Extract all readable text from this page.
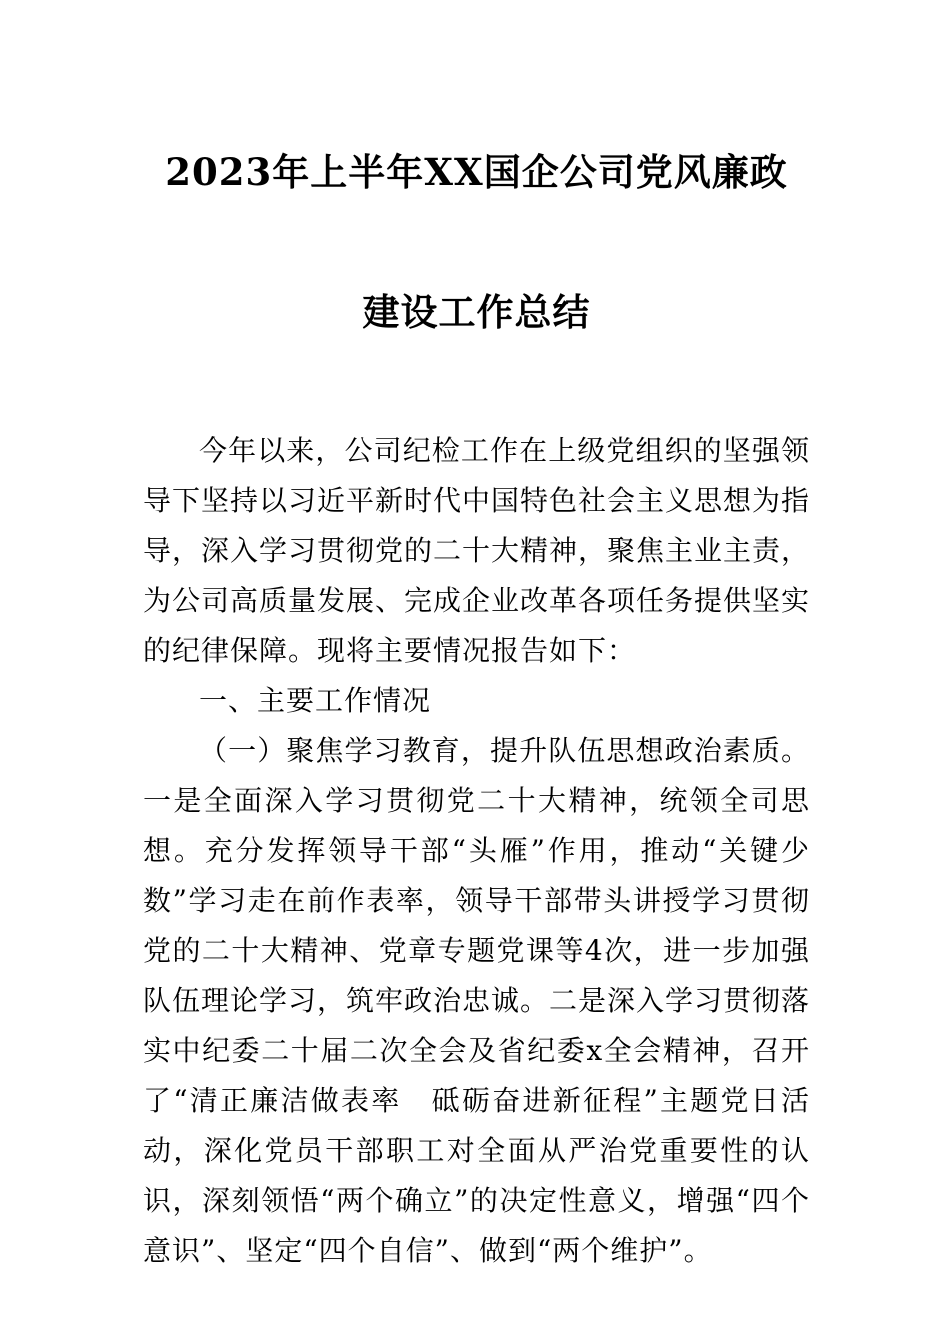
2023年上半年XX国企公司党风廉政
建设工作总结

今年以来，公司纪检工作在上级党组织的坚强领导下坚持以习近平新时代中国特色社会主义思想为指导，深入学习贯彻党的二十大精神，聚焦主业主责，为公司高质量发展、完成企业改革各项任务提供坚实的纪律保障。现将主要情况报告如下：

一、主要工作情况

（一）聚焦学习教育，提升队伍思想政治素质。一是全面深入学习贯彻党二十大精神，统领全司思想。充分发挥领导干部“头雁”作用，推动“关键少数”学习走在前作表率，领导干部带头讲授学习贯彻党的二十大精神、党章专题党课等4次，进一步加强队伍理论学习，筑牢政治忠诚。二是深入学习贯彻落实中纪委二十届二次全会及省纪委x全会精神，召开了“清正廉洁做表率　砥砺奋进新征程”主题党日活动，深化党员干部职工对全面从严治党重要性的认识，深刻领悟“两个确立”的决定性意义，增强“四个意识”、坚定“四个自信”、做到“两个维护”。
